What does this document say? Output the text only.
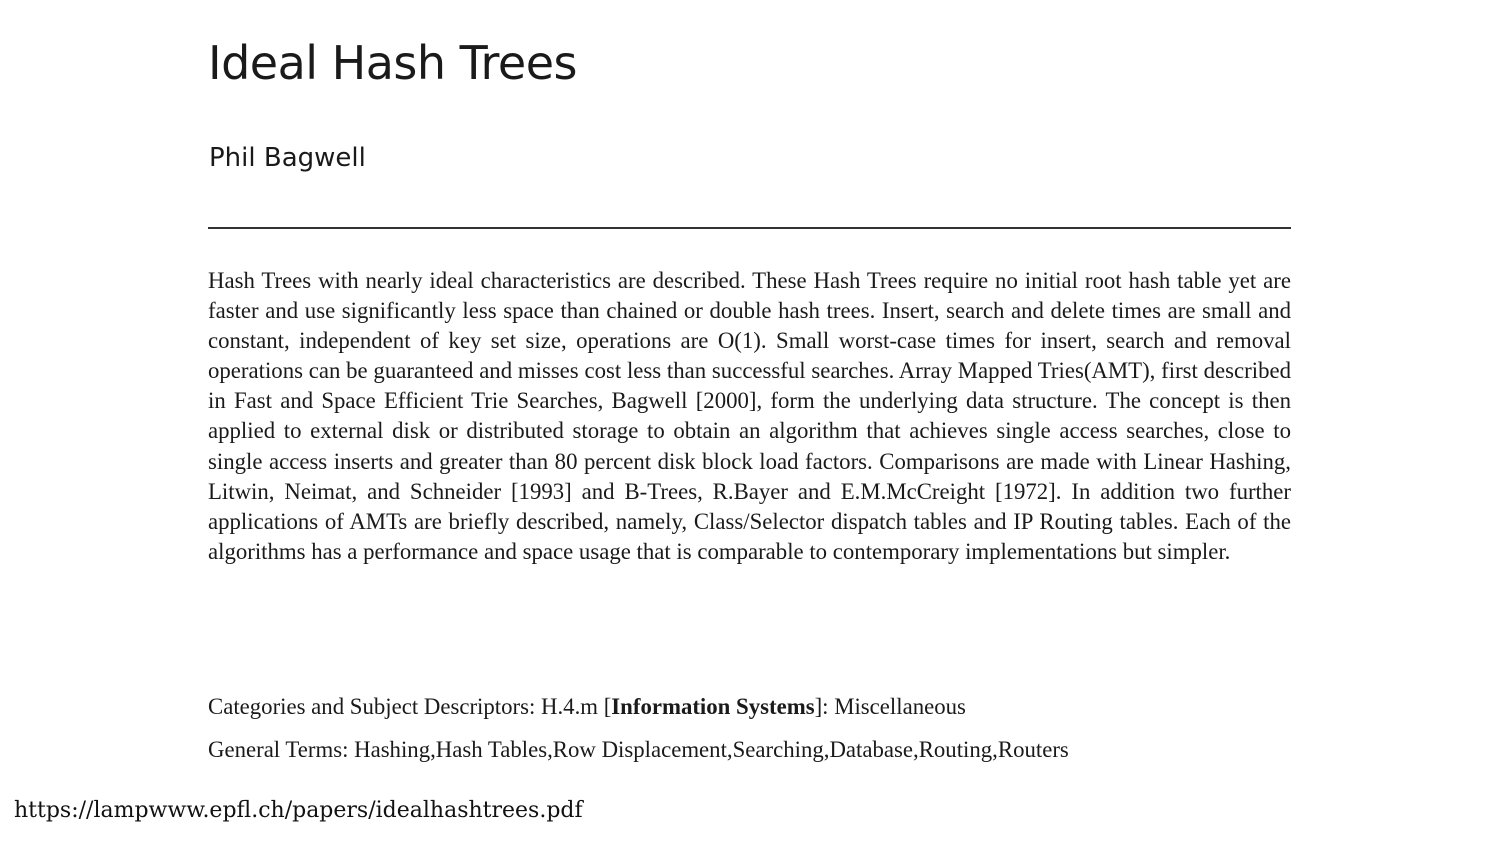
Ideal Hash Trees
Phil Bagwell

Hash Trees with nearly ideal characteristics are described. These Hash Trees require no initial root hash table yet are faster and use significantly less space than chained or double hash trees. Insert, search and delete times are small and constant, independent of key set size, operations are O(1). Small worst-case times for insert, search and removal operations can be guaranteed and misses cost less than successful searches. Array Mapped Tries(AMT), first described in Fast and Space Efficient Trie Searches, Bagwell [2000], form the underlying data structure. The concept is then applied to external disk or distributed storage to obtain an algorithm that achieves single access searches, close to single access inserts and greater than 80 percent disk block load factors. Comparisons are made with Linear Hashing, Litwin, Neimat, and Schneider [1993] and B-Trees, R.Bayer and E.M.McCreight [1972]. In addition two further applications of AMTs are briefly described, namely, Class/Selector dispatch tables and IP Routing tables. Each of the algorithms has a performance and space usage that is comparable to contemporary implementations but simpler.

Categories and Subject Descriptors: H.4.m [Information Systems]: Miscellaneous

General Terms: Hashing,Hash Tables,Row Displacement,Searching,Database,Routing,Routers

https://lampwww.epfl.ch/papers/idealhashtrees.pdf
